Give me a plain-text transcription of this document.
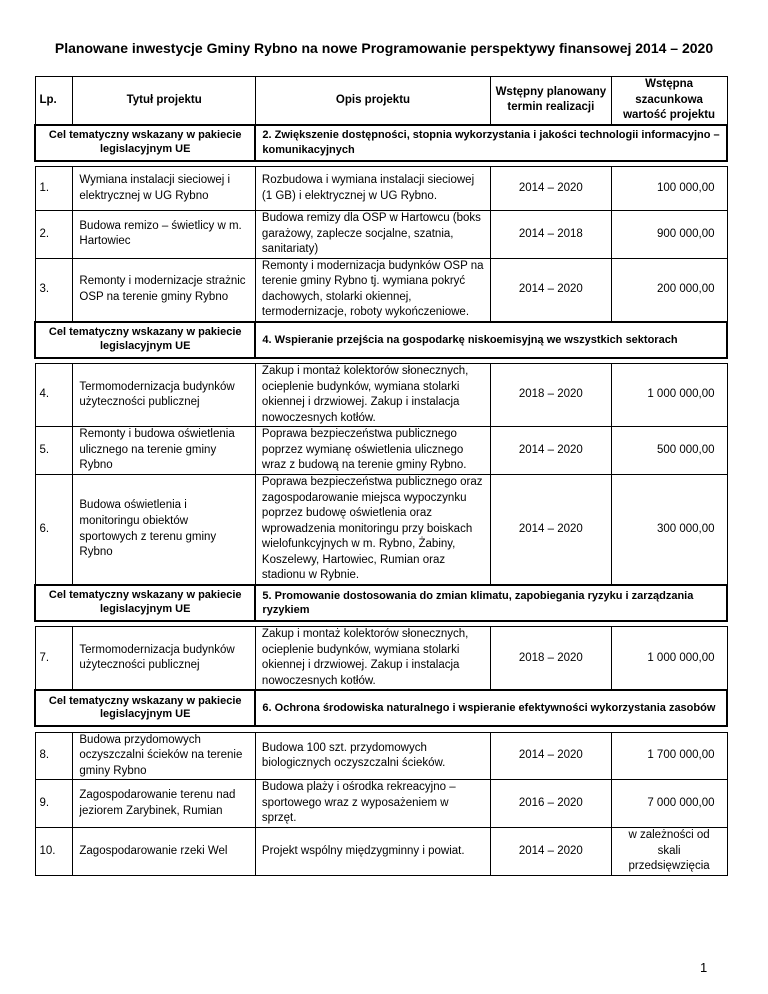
Planowane inwestycje Gminy Rybno na nowe Programowanie perspektywy finansowej 2014 – 2020
Lp.	Tytuł projektu	Opis projektu	Wstępny planowany termin realizacji	Wstępna szacunkowa wartość projektu
Cel tematyczny wskazany w pakiecie legislacyjnym UE		2. Zwiększenie dostępności, stopnia wykorzystania i jakości technologii informacyjno – komunikacyjnych		

1.	Wymiana instalacji sieciowej i elektrycznej w UG Rybno	Rozbudowa i wymiana instalacji sieciowej (1 GB) i elektrycznej w UG Rybno.	2014 – 2020	100 000,00
2.	Budowa remizo – świetlicy w m. Hartowiec	Budowa remizy dla OSP w Hartowcu (boks garażowy, zaplecze socjalne, szatnia, sanitariaty)	2014 – 2018	900 000,00
3.	Remonty i modernizacje strażnic OSP na terenie gminy Rybno	Remonty i modernizacja budynków OSP na terenie gminy Rybno tj. wymiana pokryć dachowych, stolarki okiennej, termodernizacje, roboty wykończeniowe.	2014 – 2020	200 000,00
Cel tematyczny wskazany w pakiecie legislacyjnym UE		4. Wspieranie przejścia na gospodarkę niskoemisyjną we wszystkich sektorach		

4.	Termomodernizacja budynków użyteczności publicznej	Zakup i montaż kolektorów słonecznych, ocieplenie budynków, wymiana stolarki okiennej i drzwiowej. Zakup i instalacja nowoczesnych kotłów.	2018 – 2020	1 000 000,00
5.	Remonty i budowa oświetlenia ulicznego na terenie gminy Rybno	Poprawa bezpieczeństwa publicznego poprzez wymianę oświetlenia ulicznego wraz z budową na terenie gminy Rybno.	2014 – 2020	500 000,00
6.	Budowa oświetlenia i monitoringu obiektów sportowych z terenu gminy Rybno	Poprawa bezpieczeństwa publicznego oraz zagospodarowanie miejsca wypoczynku poprzez budowę oświetlenia oraz wprowadzenia monitoringu przy boiskach wielofunkcyjnych w m. Rybno, Żabiny, Koszelewy, Hartowiec, Rumian oraz stadionu w Rybnie.	2014 – 2020	300 000,00
Cel tematyczny wskazany w pakiecie legislacyjnym UE		5. Promowanie dostosowania do zmian klimatu, zapobiegania ryzyku i zarządzania ryzykiem		

7.	Termomodernizacja budynków użyteczności publicznej	Zakup i montaż kolektorów słonecznych, ocieplenie budynków, wymiana stolarki okiennej i drzwiowej. Zakup i instalacja nowoczesnych kotłów.	2018 – 2020	1 000 000,00
Cel tematyczny wskazany w pakiecie legislacyjnym UE		6. Ochrona środowiska naturalnego i wspieranie efektywności wykorzystania zasobów		

8.	Budowa przydomowych oczyszczalni ścieków na terenie gminy Rybno	Budowa 100 szt. przydomowych biologicznych oczyszczalni ścieków.	2014 – 2020	1 700 000,00
9.	Zagospodarowanie terenu nad jeziorem Zarybinek, Rumian	Budowa plaży i ośrodka rekreacyjno – sportowego wraz z wyposażeniem w sprzęt.	2016 – 2020	7 000 000,00
10.	Zagospodarowanie rzeki Wel	Projekt wspólny międzygminny i powiat.	2014 – 2020	w zależności od skali przedsięwzięcia
1
